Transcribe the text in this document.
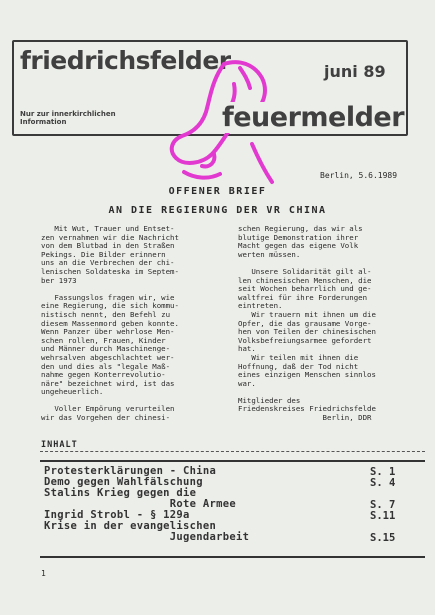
friedrichsfelder	juni 89
Nur zur innerkirchlichen
Information	feuermelder
Berlin, 5.6.1989
OFFENER BRIEF
AN DIE REGIERUNG DER VR CHINA
Mit Wut, Trauer und Entset-
zen vernahmen wir die Nachricht
von dem Blutbad in den Straßen
Pekings. Die Bilder erinnern
uns an die Verbrechen der chi-
lenischen Soldateska im Septem-
ber 1973

Fassungslos fragen wir, wie
eine Regierung, die sich kommu-
nistisch nennt, den Befehl zu
diesem Massenmord geben konnte.
Wenn Panzer über wehrlose Men-
schen rollen, Frauen, Kinder
und Männer durch Maschinenge-
wehrsalven abgeschlachtet wer-
den und dies als "legale Maß-
nahme gegen Konterrevolutio-
näre" bezeichnet wird, ist das
ungeheuerlich.

Voller Empörung verurteilen
wir das Vorgehen der chinesi-
schen Regierung, das wir als
blutige Demonstration ihrer
Macht gegen das eigene Volk
werten müssen.

Unsere Solidarität gilt al-
len chinesischen Menschen, die
seit Wochen beharrlich und ge-
waltfrei für ihre Forderungen
eintreten.
Wir trauern mit ihnen um die
Opfer, die das grausame Vorge-
hen von Teilen der chinesischen
Volksbefreiungsarmee gefordert
hat.
Wir teilen mit ihnen die
Hoffnung, daß der Tod nicht
eines einzigen Menschen sinnlos
war.

Mitglieder des
Friedenskreises Friedrichsfelde
Berlin, DDR
INHALT
Protesterklärungen - China	S. 1
Demo gegen Wahlfälschung	S. 4
Stalins Krieg gegen die
Rote Armee	S. 7
Ingrid Strobl - § 129a	S.11
Krise in der evangelischen
Jugendarbeit	S.15
1
